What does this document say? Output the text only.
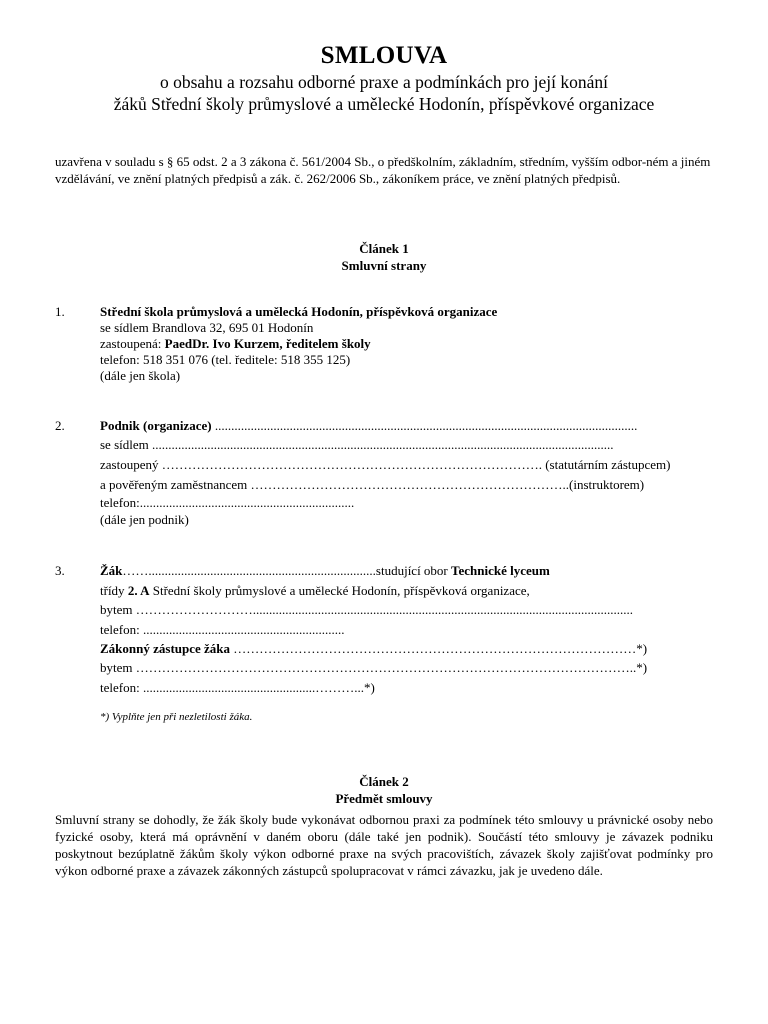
SMLOUVA
o obsahu a rozsahu odborné praxe a podmínkách pro její konání
žáků Střední školy průmyslové a umělecké Hodonín, příspěvkové organizace
uzavřena v souladu s § 65 odst. 2 a 3 zákona č. 561/2004 Sb., o předškolním, základním, středním, vyšším odbor-ném a jiném vzdělávání, ve znění platných předpisů a zák. č. 262/2006 Sb., zákoníkem práce, ve znění platných předpisů.
Článek 1
Smluvní strany
1.	Střední škola průmyslová a umělecká Hodonín, příspěvková organizace
se sídlem Brandlova 32, 695 01 Hodonín
zastoupená: PaedDr. Ivo Kurzem, ředitelem školy
telefon: 518 351 076 (tel. ředitele: 518 355 125)
(dále jen škola)
2.	Podnik (organizace) ..................................................................................................................................
se sídlem ..............................................................................................................................................
zastoupený ……………………………………………………………………………. (statutárním zástupcem)
a pověřeným zaměstnancem ………………………………………………………………..(instruktorem)
telefon:..................................................................
(dále jen podnik)
3.	Žák……......................................................................studující obor Technické lyceum
třídy 2. A Střední školy průmyslové a umělecké Hodonín, příspěvková organizace,
bytem ……………………….....................................................................................................................
telefon: ..............................................................
Zákonný zástupce žáka …………………………………………………………………………………*)
bytem ……………………………………………………………………………………………………..*)
telefon: .....................................................………...*)
*) Vyplňte jen při nezletilosti žáka.
Článek 2
Předmět smlouvy
Smluvní strany se dohodly, že žák školy bude vykonávat odbornou praxi za podmínek této smlouvy u právnické osoby nebo fyzické osoby, která má oprávnění v daném oboru (dále také jen podnik). Součástí této smlouvy je závazek podniku poskytnout bezúplatně žákům školy výkon odborné praxe na svých pracovištích, závazek školy zajišťovat podmínky pro výkon odborné praxe a závazek zákonných zástupců spolupracovat v rámci závazku, jak je uvedeno dále.
